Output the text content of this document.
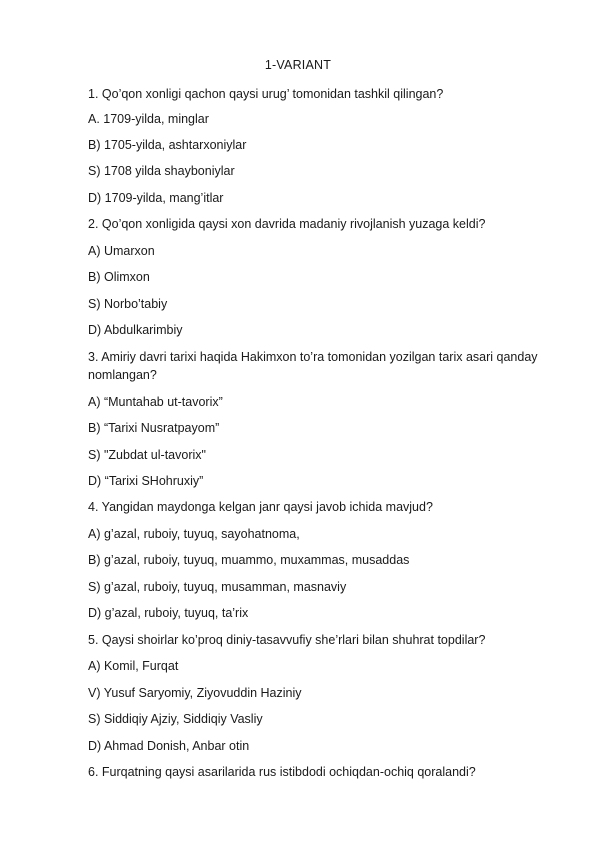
1-VARIANT
1. Qo’qon xonligi qachon qaysi urug’ tomonidan tashkil qilingan?
A. 1709-yilda, minglar
B) 1705-yilda, ashtarxoniylar
S) 1708 yilda shayboniylar
D) 1709-yilda, mang’itlar
2. Qo’qon xonligida qaysi xon davrida madaniy rivojlanish yuzaga keldi?
A) Umarxon
B) Olimxon
S) Norbo’tabiy
D) Abdulkarimbiy
3. Amiriy davri tarixi haqida Hakimxon to’ra tomonidan yozilgan tarix asari qanday nomlangan?
A) “Muntahab ut-tavorix”
B) “Tarixi Nusratpayom”
S) "Zubdat ul-tavorix"
D) “Tarixi SHohruxiy”
4. Yangidan maydonga kelgan janr qaysi javob ichida mavjud?
A) g’azal, ruboiy, tuyuq, sayohatnoma,
B) g’azal, ruboiy, tuyuq, muammo, muxammas, musaddas
S) g’azal, ruboiy, tuyuq, musamman, masnaviy
D) g’azal, ruboiy, tuyuq, ta’rix
5. Qaysi shoirlar ko’proq diniy-tasavvufiy she’rlari bilan shuhrat topdilar?
A) Komil, Furqat
V) Yusuf Saryomiy, Ziyovuddin Haziniy
S) Siddiqiy Ajziy, Siddiqiy Vasliy
D) Ahmad Donish, Anbar otin
6. Furqatning qaysi asarilarida rus istibdodi ochiqdan-ochiq qoralandi?
